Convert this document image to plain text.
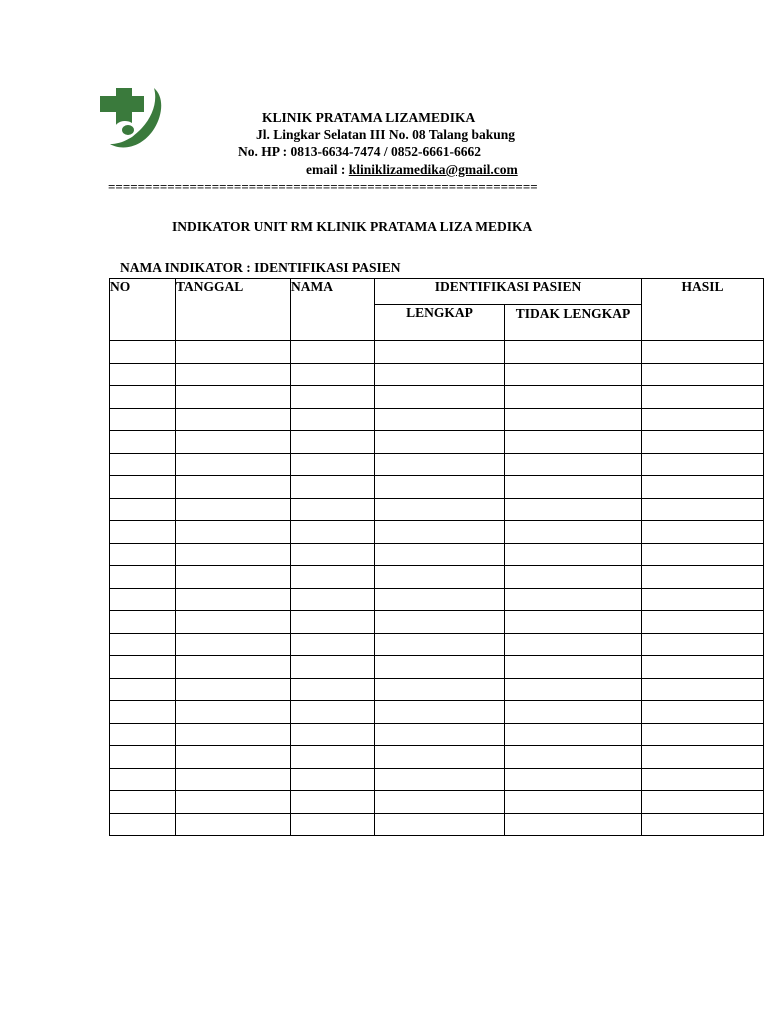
KLINIK PRATAMA LIZAMEDIKA
Jl. Lingkar Selatan III No. 08 Talang bakung
No. HP : 0813-6634-7474 / 0852-6661-6662
email : kliniklizamedika@gmail.com
==========================================================
INDIKATOR UNIT RM KLINIK PRATAMA LIZA MEDIKA
NAMA INDIKATOR : IDENTIFIKASI PASIEN
NO	TANGGAL	NAMA	IDENTIFIKASI PASIEN		HASIL
			LENGKAP	TIDAK LENGKAP	
